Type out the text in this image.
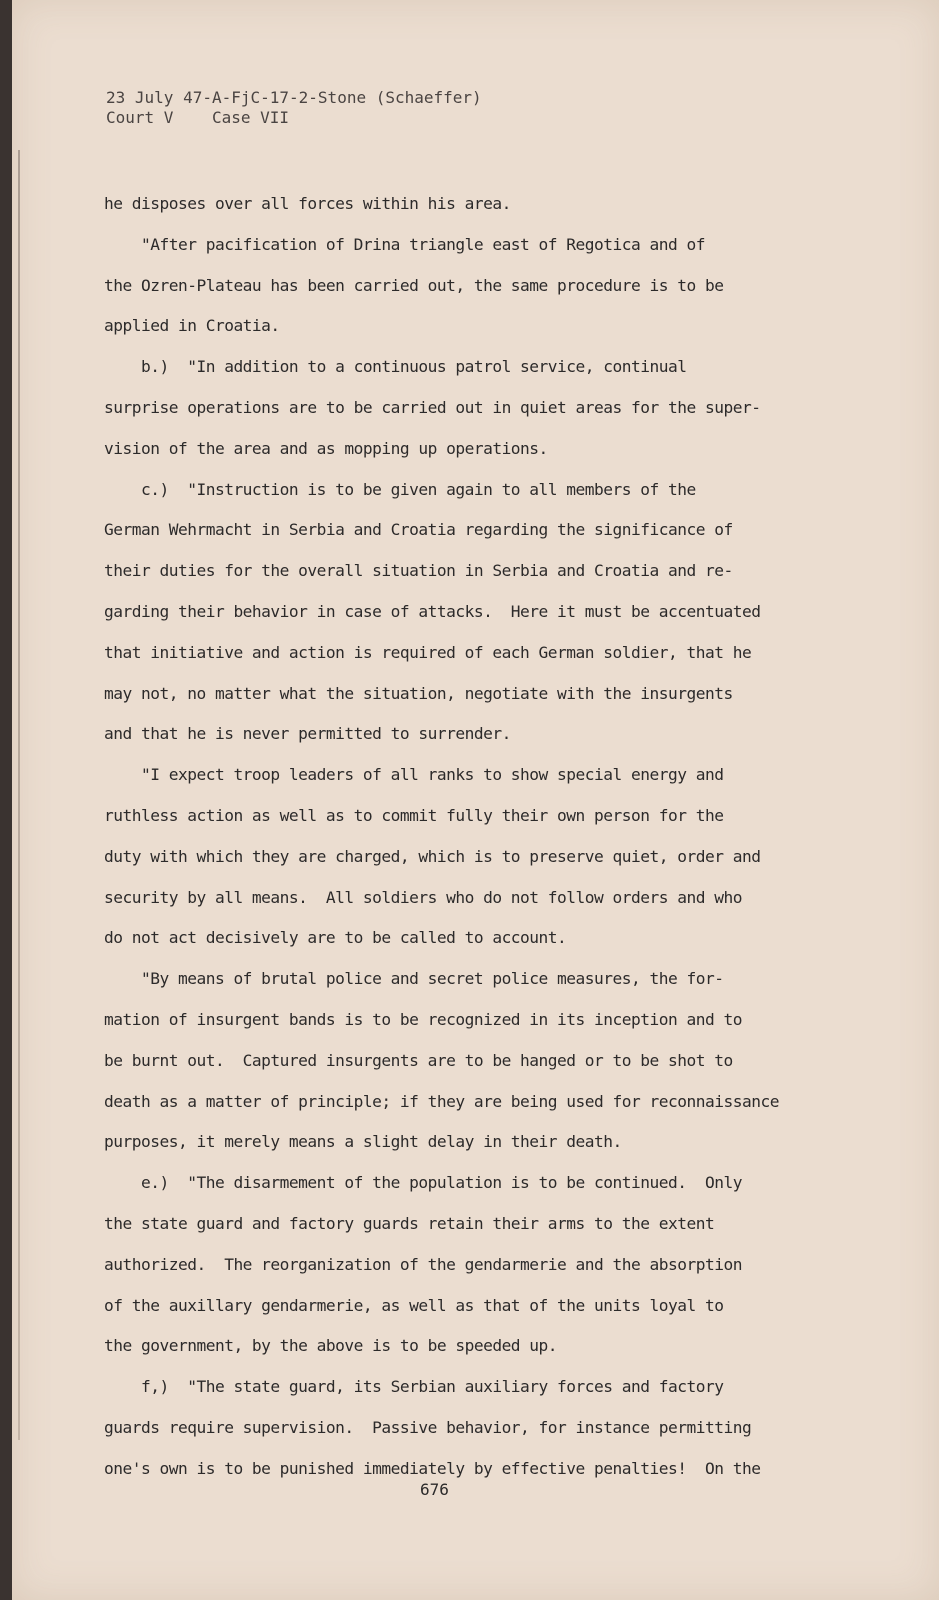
23 July 47-A-FjC-17-2-Stone (Schaeffer)
Court V    Case VII
he disposes over all forces within his area.
"After pacification of Drina triangle east of Regotica and of
the Ozren-Plateau has been carried out, the same procedure is to be
applied in Croatia.
b.)  "In addition to a continuous patrol service, continual
surprise operations are to be carried out in quiet areas for the super-
vision of the area and as mopping up operations.
c.)  "Instruction is to be given again to all members of the
German Wehrmacht in Serbia and Croatia regarding the significance of
their duties for the overall situation in Serbia and Croatia and re-
garding their behavior in case of attacks.  Here it must be accentuated
that initiative and action is required of each German soldier, that he
may not, no matter what the situation, negotiate with the insurgents
and that he is never permitted to surrender.
"I expect troop leaders of all ranks to show special energy and
ruthless action as well as to commit fully their own person for the
duty with which they are charged, which is to preserve quiet, order and
security by all means.  All soldiers who do not follow orders and who
do not act decisively are to be called to account.
"By means of brutal police and secret police measures, the for-
mation of insurgent bands is to be recognized in its inception and to
be burnt out.  Captured insurgents are to be hanged or to be shot to
death as a matter of principle; if they are being used for reconnaissance
purposes, it merely means a slight delay in their death.
e.)  "The disarmement of the population is to be continued.  Only
the state guard and factory guards retain their arms to the extent
authorized.  The reorganization of the gendarmerie and the absorption
of the auxillary gendarmerie, as well as that of the units loyal to
the government, by the above is to be speeded up.
f,)  "The state guard, its Serbian auxiliary forces and factory
guards require supervision.  Passive behavior, for instance permitting
one's own is to be punished immediately by effective penalties!  On the
676
